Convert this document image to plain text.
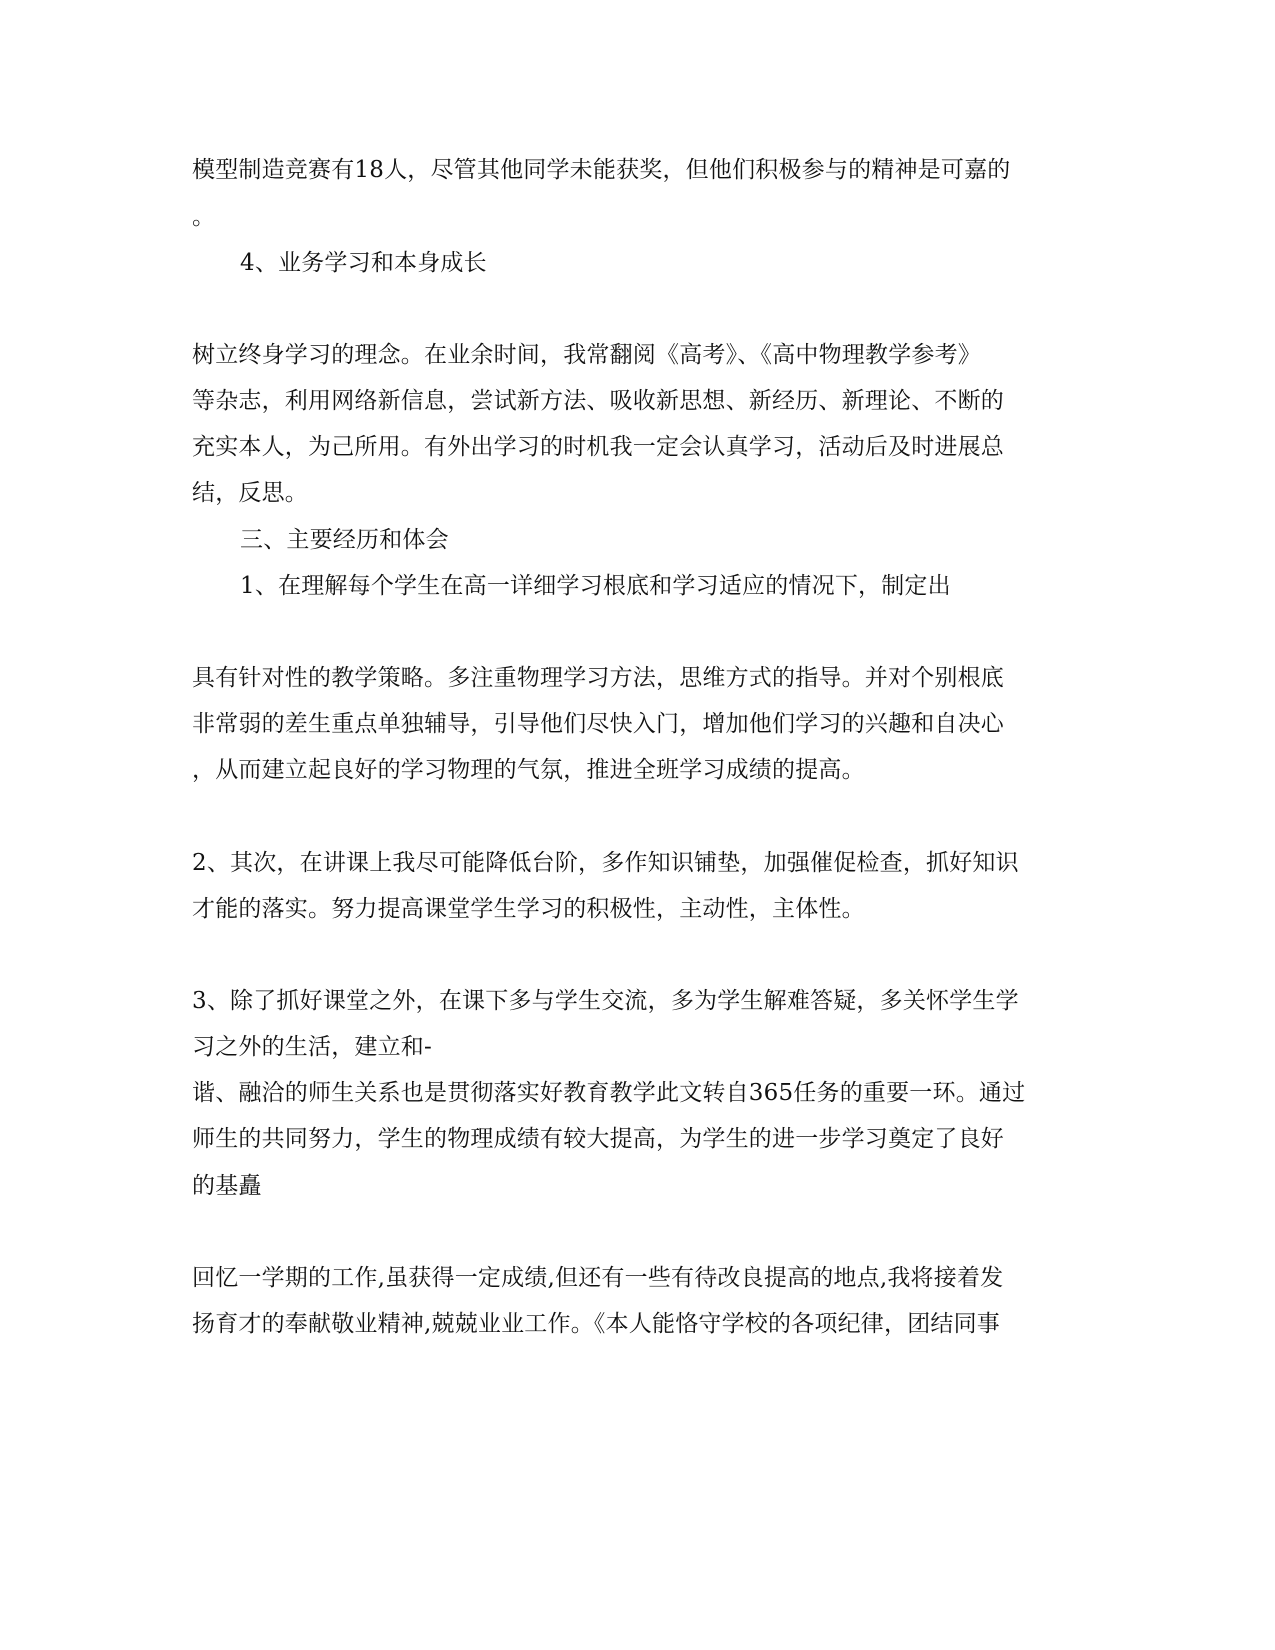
模型制造竞赛有18人，尽管其他同学未能获奖，但他们积极参与的精神是可嘉的
。
4、业务学习和本身成长
树立终身学习的理念。在业余时间，我常翻阅《高考》、《高中物理教学参考》
等杂志，利用网络新信息，尝试新方法、吸收新思想、新经历、新理论、不断的
充实本人，为己所用。有外出学习的时机我一定会认真学习，活动后及时进展总
结，反思。
三、主要经历和体会
1、在理解每个学生在高一详细学习根底和学习适应的情况下，制定出
具有针对性的教学策略。多注重物理学习方法，思维方式的指导。并对个别根底
非常弱的差生重点单独辅导，引导他们尽快入门，增加他们学习的兴趣和自决心
，从而建立起良好的学习物理的气氛，推进全班学习成绩的提高。
2、其次，在讲课上我尽可能降低台阶，多作知识铺垫，加强催促检查，抓好知识
才能的落实。努力提高课堂学生学习的积极性，主动性，主体性。
3、除了抓好课堂之外，在课下多与学生交流，多为学生解难答疑，多关怀学生学
习之外的生活，建立和-
谐、融洽的师生关系也是贯彻落实好教育教学此文转自365任务的重要一环。通过
师生的共同努力，学生的物理成绩有较大提高，为学生的进一步学习奠定了良好
的基矗
回忆一学期的工作,虽获得一定成绩,但还有一些有待改良提高的地点,我将接着发
扬育才的奉献敬业精神,兢兢业业工作。《本人能恪守学校的各项纪律，团结同事
